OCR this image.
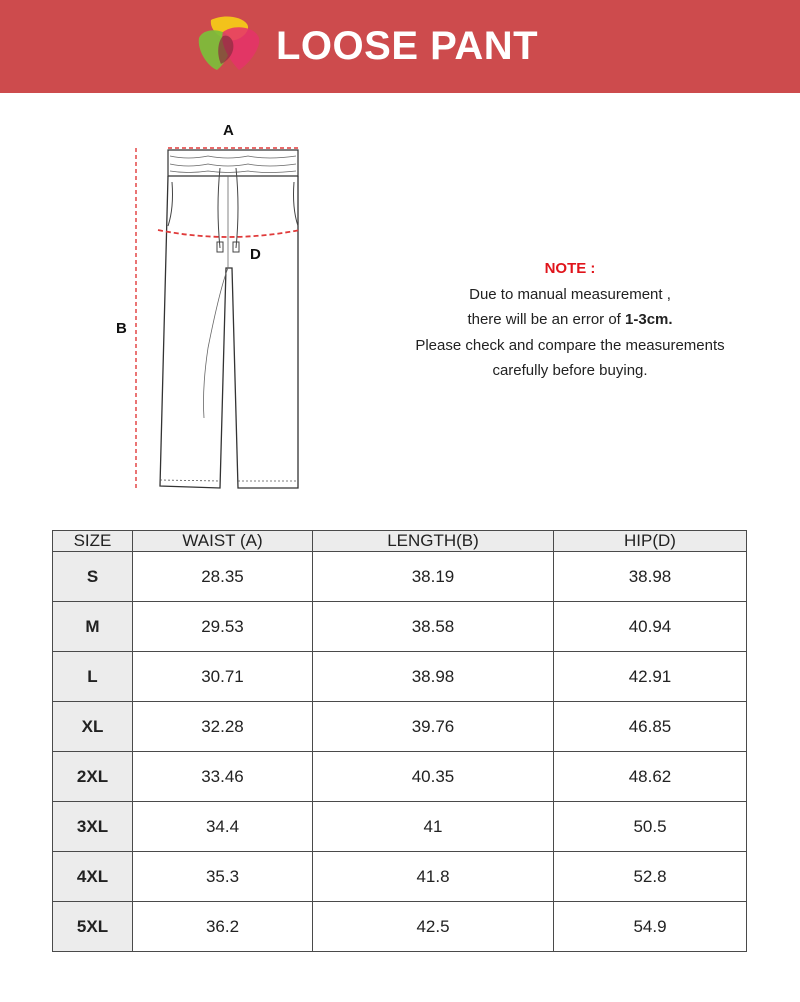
LOOSE PANT
A
B
D
NOTE :
Due to manual measurement ,
there will be an error of 1-3cm.
Please check and compare the measurements
carefully before buying.
SIZE	WAIST (A)	LENGTH(B)	HIP(D)
S	28.35	38.19	38.98
M	29.53	38.58	40.94
L	30.71	38.98	42.91
XL	32.28	39.76	46.85
2XL	33.46	40.35	48.62
3XL	34.4	41	50.5
4XL	35.3	41.8	52.8
5XL	36.2	42.5	54.9
